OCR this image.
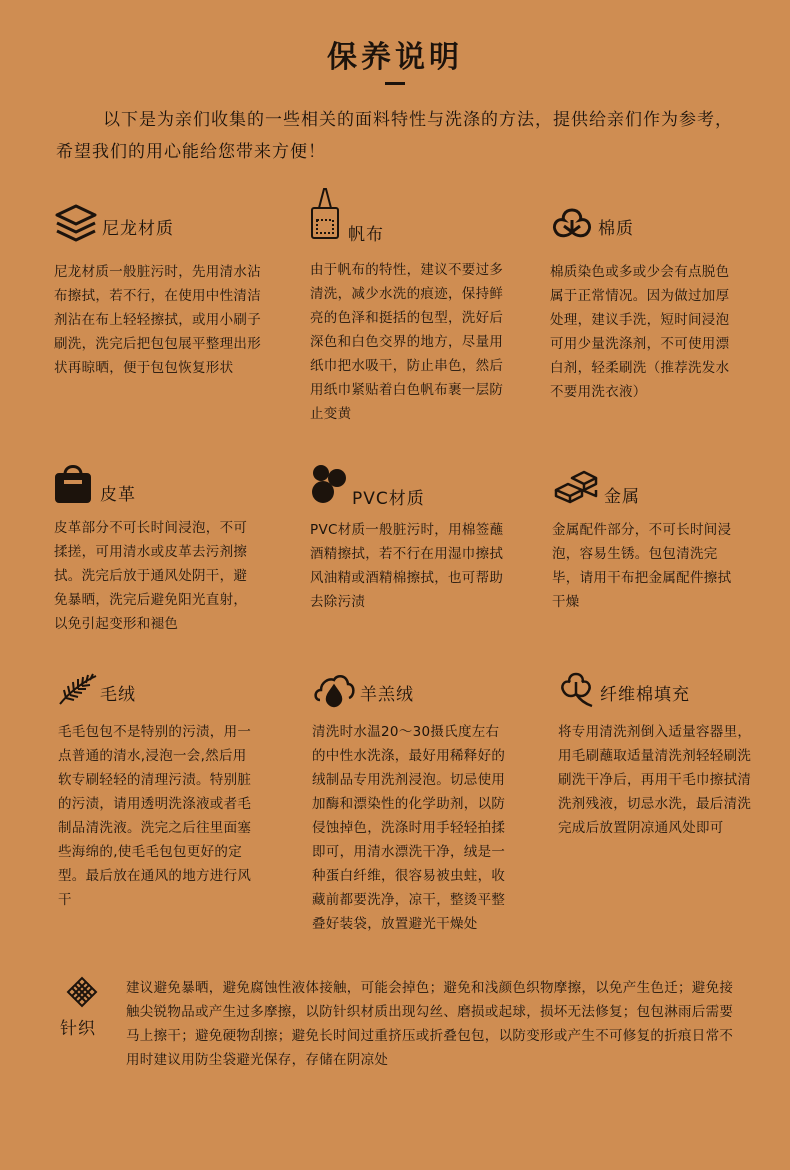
保养说明
以下是为亲们收集的一些相关的面料特性与洗涤的方法，提供给亲们作为参考，希望我们的用心能给您带来方便！
尼龙材质
尼龙材质一般脏污时，先用清水沾布擦拭，若不行，在使用中性清洁剂沾在布上轻轻擦拭，或用小刷子刷洗，洗完后把包包展平整理出形状再晾晒，便于包包恢复形状
帆布
由于帆布的特性，建议不要过多清洗，减少水洗的痕迹，保持鲜亮的色泽和挺括的包型，洗好后深色和白色交界的地方，尽量用纸巾把水吸干，防止串色，然后用纸巾紧贴着白色帆布裹一层防止变黄
棉质
棉质染色或多或少会有点脱色属于正常情况。因为做过加厚处理，建议手洗，短时间浸泡可用少量洗涤剂，不可使用漂白剂，轻柔刷洗（推荐洗发水不要用洗衣液）
皮革
皮革部分不可长时间浸泡，不可揉搓，可用清水或皮革去污剂擦拭。洗完后放于通风处阴干，避免暴晒，洗完后避免阳光直射，以免引起变形和褪色
PVC材质
PVC材质一般脏污时，用棉签蘸酒精擦拭，若不行在用湿巾擦拭风油精或酒精棉擦拭，也可帮助去除污渍
金属
金属配件部分，不可长时间浸泡，容易生锈。包包清洗完毕，请用干布把金属配件擦拭干燥
毛绒
毛毛包包不是特别的污渍，用一点普通的清水,浸泡一会,然后用软专刷轻轻的清理污渍。特别脏的污渍，请用透明洗涤液或者毛制品清洗液。洗完之后往里面塞些海绵的,使毛毛包包更好的定型。最后放在通风的地方进行风干
羊羔绒
清洗时水温20～30摄氏度左右的中性水洗涤，最好用稀释好的绒制品专用洗剂浸泡。切忌使用加酶和漂染性的化学助剂，以防侵蚀掉色，洗涤时用手轻轻拍揉即可，用清水漂洗干净，绒是一种蛋白纤维，很容易被虫蛀，收藏前都要洗净，凉干，整烫平整叠好装袋，放置避光干燥处
纤维棉填充
将专用清洗剂倒入适量容器里，用毛刷蘸取适量清洗剂轻轻刷洗刷洗干净后，再用干毛巾擦拭清洗剂残液，切忌水洗，最后清洗完成后放置阴凉通风处即可
针织
建议避免暴晒，避免腐蚀性液体接触，可能会掉色；避免和浅颜色织物摩擦，以免产生色迁；避免接触尖锐物品或产生过多摩擦，以防针织材质出现勾丝、磨损或起球，损坏无法修复；包包淋雨后需要马上擦干；避免硬物刮擦；避免长时间过重挤压或折叠包包，以防变形或产生不可修复的折痕日常不用时建议用防尘袋避光保存，存储在阴凉处
